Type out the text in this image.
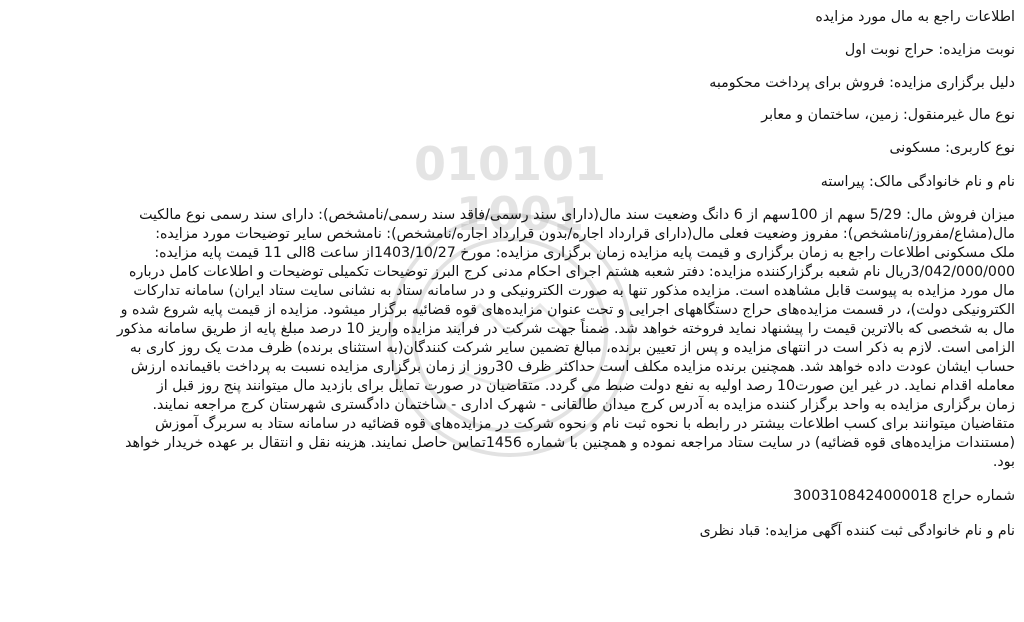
010101
1001

اطلاعات راجع به مال مورد مزایده

نوبت مزایده: حراج نوبت اول

دلیل برگزاری مزایده: فروش برای پرداخت محکومبه

نوع مال غیرمنقول: زمین، ساختمان و معابر

نوع کاربری: مسکونی

نام و نام خانوادگی مالک: پیراسته

میزان فروش مال: 5/29 سهم از 100سهم از 6 دانگ وضعیت سند مال(دارای سند رسمی/فاقد سند رسمی/نامشخص): دارای سند رسمی نوع مالکیت
مال(مشاع/مفروز/نامشخص): مفروز وضعیت فعلی مال(دارای قرارداد اجاره/بدون قرارداد اجاره/نامشخص): نامشخص سایر توضیحات مورد مزایده:
ملک مسکونی اطلاعات راجع به زمان برگزاری و قیمت پایه مزایده زمان برگزاری مزایده: مورخ 1403/10/27از ساعت 8الی 11 قیمت پایه مزایده:
3/042/000/000ریال نام شعبه برگزارکننده مزایده: دفتر شعبه هشتم اجرای احکام مدنی کرج البرز توضیحات تکمیلی توضیحات و اطلاعات کامل درباره
مال مورد مزایده به پیوست قابل مشاهده است. مزایده مذکور تنها به صورت الکترونیکی و در سامانه ستاد به نشانی سایت ستاد ایران) سامانه تدارکات
الکترونیکی دولت)، در قسمت مزایده‌های حراج دستگاههای اجرایی و تحت عنوان مزایده‌های قوه قضائیه برگزار میشود. مزایده از قیمت پایه شروع شده و
مال به شخصی که بالاترین قیمت را پیشنهاد نماید فروخته خواهد شد. ضمناً جهت شرکت در فرایند مزایده واریز 10 درصد مبلغ پایه از طریق سامانه مذکور
الزامی است. لازم به ذکر است در انتهای مزایده و پس از تعیین برنده، مبالغ تضمین سایر شرکت کنندگان(به استثنای برنده) ظرف مدت یک روز کاری به
حساب ایشان عودت داده خواهد شد. همچنین برنده مزایده مکلف است حداکثر ظرف 30روز از زمان برگزاری مزایده نسبت به پرداخت باقیمانده ارزش
معامله اقدام نماید. در غیر این صورت10 رصد اولیه به نفع دولت ضبط می گردد. متقاضیان در صورت تمایل برای بازدید مال میتوانند پنج روز قبل از
زمان برگزاری مزایده به واحد برگزار کننده مزایده به آدرس کرج میدان طالقانی - شهرک اداری - ساختمان دادگستری شهرستان کرج مراجعه نمایند.
متقاضیان میتوانند برای کسب اطلاعات بیشتر در رابطه با نحوه ثبت نام و نحوه شرکت در مزایده‌های قوه قضائیه در سامانه ستاد به سربرگ آموزش
(مستندات مزایده‌های قوه قضائیه) در سایت ستاد مراجعه نموده و همچنین با شماره 1456تماس حاصل نمایند. هزینه نقل و انتقال بر عهده خریدار خواهد
بود.

شماره حراج 3003108424000018

نام و نام خانوادگی ثبت کننده آگهی مزایده: قباد نظری
